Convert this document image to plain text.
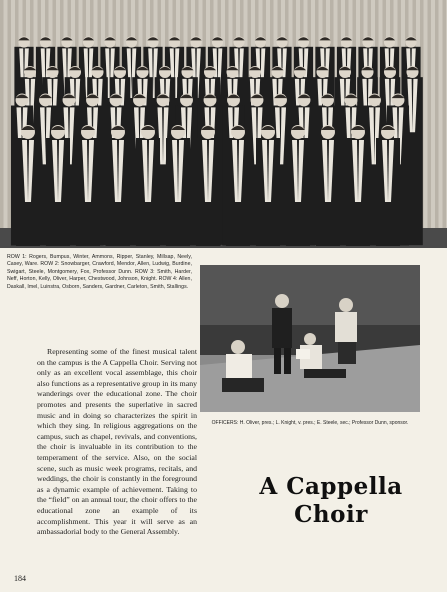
ROW 1: Rogers, Bumpus, Winter, Ammons, Ripper, Stanley, Millsap, Neely, Casey, Ware. ROW 2: Snowbarger, Crawford, Mendor, Allen, Ludwig, Burdine, Swigart, Steele, Montgomery, Fox, Professor Dunn. ROW 3: Smith, Harder, Neff, Horton, Kelly, Oliver, Harper, Chestwood, Johnson, Knight. ROW 4: Allen, Daskall, Imel, Luinstra, Osborn, Sanders, Gardner, Carleton, Smith, Stallings.
OFFICERS: H. Oliver, pres.; L. Knight, v. pres.; E. Steele, sec.; Professor Dunn, sponsor.
Representing some of the finest musical talent on the campus is the A Cappella Choir. Serving not only as an excellent vocal assemblage, this choir also functions as a representative group in its many wanderings over the educational zone. The choir promotes and presents the superlative in sacred music and in doing so characterizes the spirit in which they sing. In religious aggregations on the campus, such as chapel, revivals, and conventions, the choir is invaluable in its contribution to the temperament of the service. Also, on the social scene, such as music week programs, recitals, and weddings, the choir is constantly in the foreground as a dynamic example of achievement. Taking to the “field” on an annual tour, the choir offers to the educational zone an example of its accomplishment. This year it will serve as an ambassadorial body to the General Assembly.
A Cappella
Choir
184
